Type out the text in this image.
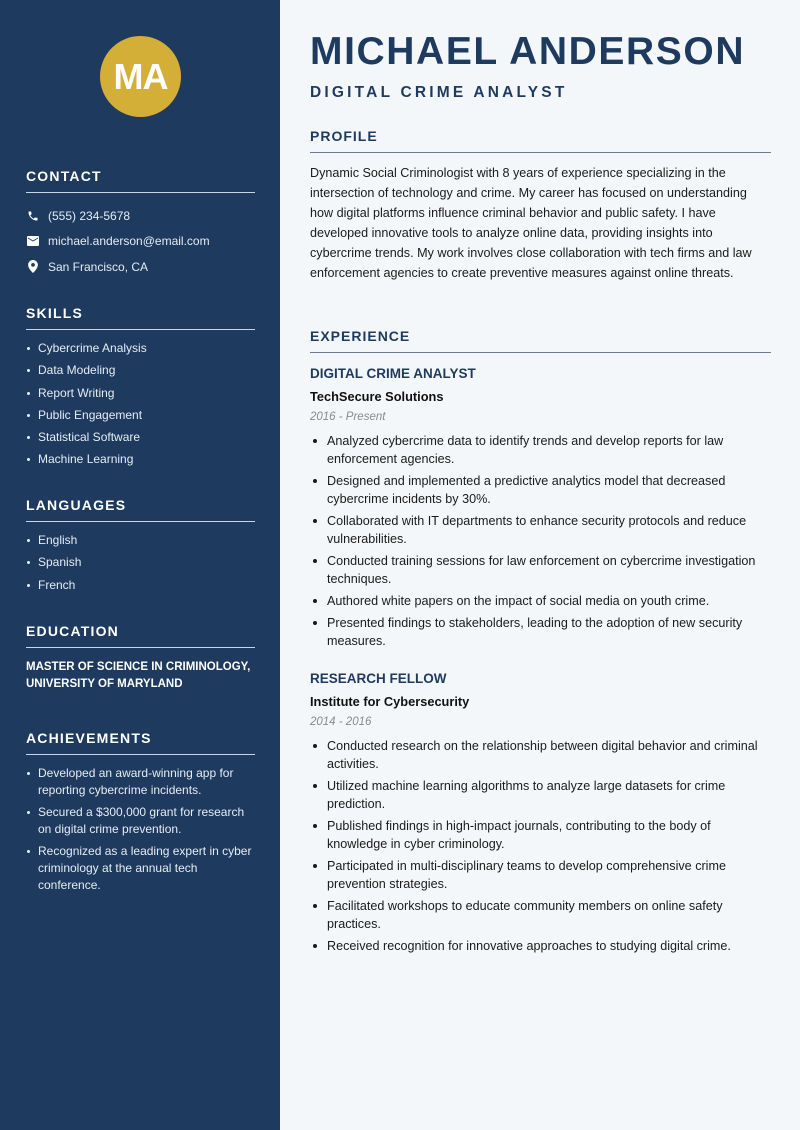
MA
CONTACT
(555) 234-5678
michael.anderson@email.com
San Francisco, CA
SKILLS
Cybercrime Analysis
Data Modeling
Report Writing
Public Engagement
Statistical Software
Machine Learning
LANGUAGES
English
Spanish
French
EDUCATION
MASTER OF SCIENCE IN CRIMINOLOGY, UNIVERSITY OF MARYLAND
ACHIEVEMENTS
Developed an award-winning app for reporting cybercrime incidents.
Secured a $300,000 grant for research on digital crime prevention.
Recognized as a leading expert in cyber criminology at the annual tech conference.
MICHAEL ANDERSON
DIGITAL CRIME ANALYST
PROFILE

Dynamic Social Criminologist with 8 years of experience specializing in the intersection of technology and crime. My career has focused on understanding how digital platforms influence criminal behavior and public safety. I have developed innovative tools to analyze online data, providing insights into cybercrime trends. My work involves close collaboration with tech firms and law enforcement agencies to create preventive measures against online threats.

EXPERIENCE
DIGITAL CRIME ANALYST
TechSecure Solutions
2016 - Present
Analyzed cybercrime data to identify trends and develop reports for law enforcement agencies.
Designed and implemented a predictive analytics model that decreased cybercrime incidents by 30%.
Collaborated with IT departments to enhance security protocols and reduce vulnerabilities.
Conducted training sessions for law enforcement on cybercrime investigation techniques.
Authored white papers on the impact of social media on youth crime.
Presented findings to stakeholders, leading to the adoption of new security measures.
RESEARCH FELLOW
Institute for Cybersecurity
2014 - 2016
Conducted research on the relationship between digital behavior and criminal activities.
Utilized machine learning algorithms to analyze large datasets for crime prediction.
Published findings in high-impact journals, contributing to the body of knowledge in cyber criminology.
Participated in multi-disciplinary teams to develop comprehensive crime prevention strategies.
Facilitated workshops to educate community members on online safety practices.
Received recognition for innovative approaches to studying digital crime.
